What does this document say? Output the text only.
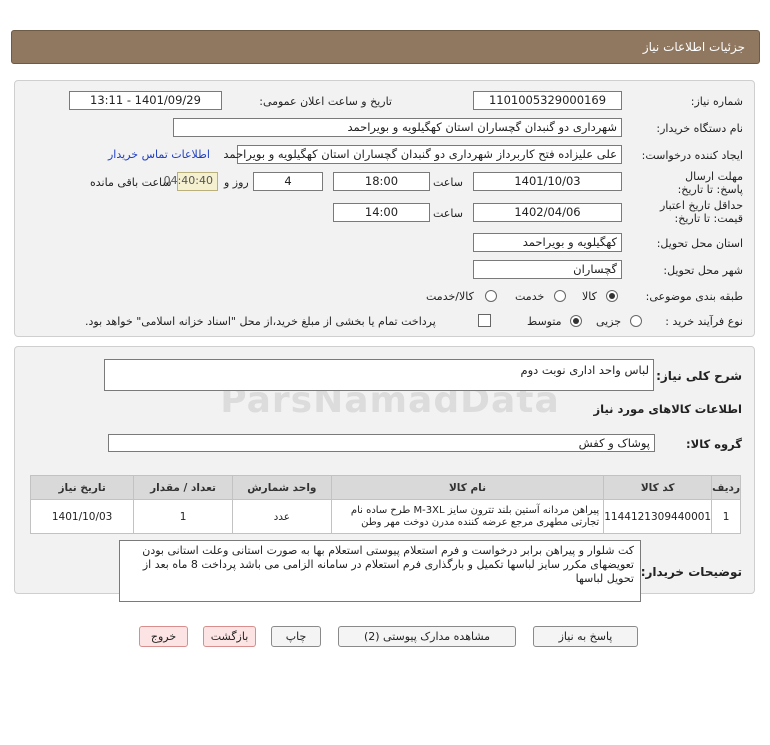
جزئیات اطلاعات نیاز
شماره نیاز:
1101005329000169
تاریخ و ساعت اعلان عمومی:
1401/09/29 - 13:11
نام دستگاه خریدار:
شهرداری دو گنبدان گچساران استان کهگیلویه و بویراحمد
ایجاد کننده درخواست:
علی علیزاده فتح کاربرداز شهرداری دو گنبدان گچساران استان کهگیلویه و بویراحمد
اطلاعات تماس خریدار
مهلت ارسال پاسخ: تا تاریخ:
1401/10/03
ساعت
18:00
4
روز و
04:40:40
ساعت باقی مانده
حداقل تاریخ اعتبار قیمت: تا تاریخ:
1402/04/06
ساعت
14:00
استان محل تحویل:
کهگیلویه و بویراحمد
شهر محل تحویل:
گچساران
طبقه بندی موضوعی:
کالا
خدمت
کالا/خدمت
نوع فرآیند خرید :
جزیی
متوسط
پرداخت تمام یا بخشی از مبلغ خرید،از محل "اسناد خزانه اسلامی" خواهد بود.
شرح کلی نیاز:
لباس واحد اداری نوبت دوم
اطلاعات کالاهای مورد نیاز
گروه کالا:
پوشاک و کفش
ردیف	کد کالا	نام کالا	واحد شمارش	تعداد / مقدار	تاریخ نیاز
1	1144121309440001	پیراهن مردانه آستین بلند تترون سایز M-3XL طرح ساده نام تجارتی مطهری مرجع عرضه کننده مدرن دوخت مهر وطن	عدد	1	1401/10/03
توضیحات خریدار:
کت شلوار و پیراهن برابر درخواست و فرم استعلام پیوستی استعلام بها به صورت استانی وعلت استانی بودن تعویضهای مکرر سایز لباسها تکمیل و بارگذاری فرم استعلام در سامانه الزامی می باشد پرداخت 8 ماه بعد از تحویل لباسها
پاسخ به نیاز
مشاهده مدارک پیوستی (2)
چاپ
بازگشت
خروج
